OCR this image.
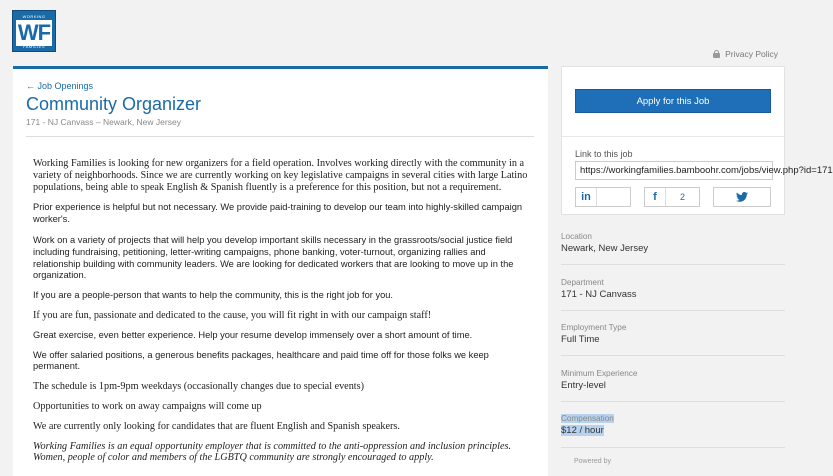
WORKING
WF
FAMILIES
Privacy Policy
← Job Openings
Community Organizer
171 - NJ Canvass – Newark, New Jersey

Working Families is looking for new organizers for a field operation. Involves working directly with the community in a variety of neighborhoods. Since we are currently working on key legislative campaigns in several cities with large Latino populations, being able to speak English & Spanish fluently is a preference for this position, but not a requirement.

Prior experience is helpful but not necessary. We provide paid-training to develop our team into highly-skilled campaign worker's.

Work on a variety of projects that will help you develop important skills necessary in the grassroots/social justice field including fundraising, petitioning, letter-writing campaigns, phone banking, voter-turnout, organizing rallies and relationship building with community leaders. We are looking for dedicated workers that are looking to move up in the organization.

If you are a people-person that wants to help the community, this is the right job for you.

If you are fun, passionate and dedicated to the cause, you will fit right in with our campaign staff!

Great exercise, even better experience. Help your resume develop immensely over a short amount of time.

We offer salaried positions, a generous benefits packages, healthcare and paid time off for those folks we keep permanent.

The schedule is 1pm-9pm weekdays (occasionally changes due to special events)

Opportunities to work on away campaigns will come up

We are currently only looking for candidates that are fluent English and Spanish speakers.

Working Families is an equal opportunity employer that is committed to the anti-oppression and inclusion principles. Women, people of color and members of the LGBTQ community are strongly encouraged to apply.

Apply for this Job
Link to this job
https://workingfamilies.bamboohr.com/jobs/view.php?id=171
in	f	2
Location
Newark, New Jersey
Department
171 - NJ Canvass
Employment Type
Full Time
Minimum Experience
Entry-level
Compensation
$12 / hour
Powered by
